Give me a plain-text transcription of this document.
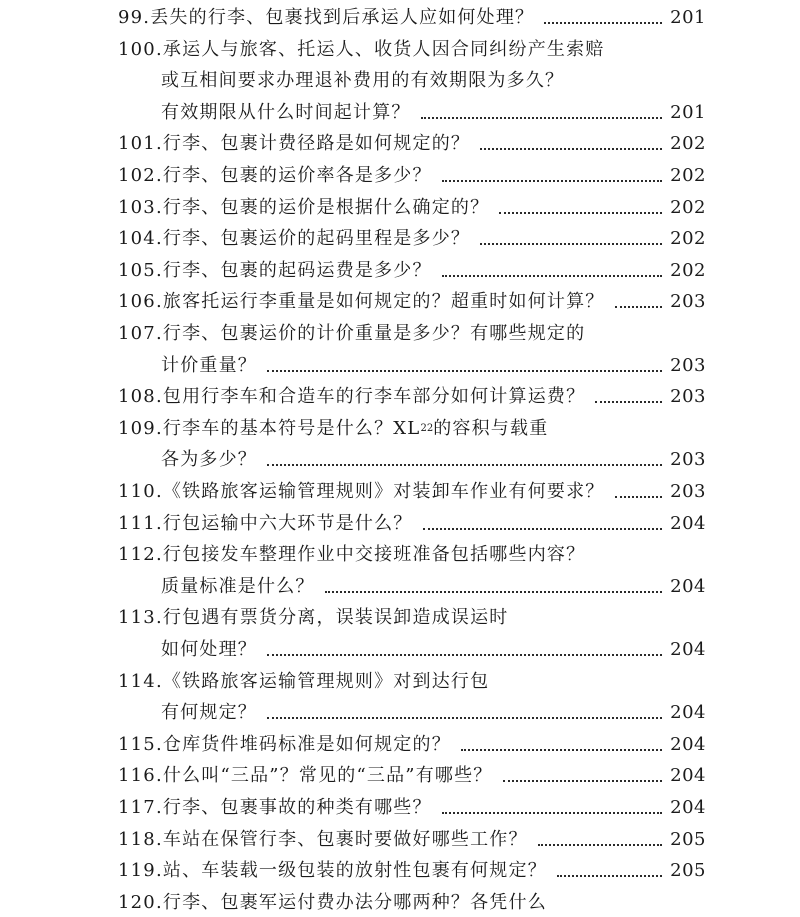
99. 丢失的行李、包裹找到后承运人应如何处理？	201
100. 承运人与旅客、托运人、收货人因合同纠纷产生索赔
或互相间要求办理退补费用的有效期限为多久？
有效期限从什么时间起计算？	201
101. 行李、包裹计费径路是如何规定的？	202
102. 行李、包裹的运价率各是多少？	202
103. 行李、包裹的运价是根据什么确定的？	202
104. 行李、包裹运价的起码里程是多少？	202
105. 行李、包裹的起码运费是多少？	202
106. 旅客托运行李重量是如何规定的？超重时如何计算？	203
107. 行李、包裹运价的计价重量是多少？有哪些规定的
计价重量？	203
108. 包用行李车和合造车的行李车部分如何计算运费？	203
109. 行李车的基本符号是什么？XL 22 的容积与载重
各为多少？	203
110. 《铁路旅客运输管理规则》对装卸车作业有何要求？	203
111. 行包运输中六大环节是什么？	204
112. 行包接发车整理作业中交接班准备包括哪些内容？
质量标准是什么？	204
113. 行包遇有票货分离，误装误卸造成误运时
如何处理？	204
114. 《铁路旅客运输管理规则》对到达行包
有何规定？	204
115. 仓库货件堆码标准是如何规定的？	204
116. 什么叫“三品”？常见的“三品”有哪些？	204
117. 行李、包裹事故的种类有哪些？	204
118. 车站在保管行李、包裹时要做好哪些工作？	205
119. 站、车装载一级包装的放射性包裹有何规定？	205
120. 行李、包裹军运付费办法分哪两种？各凭什么
